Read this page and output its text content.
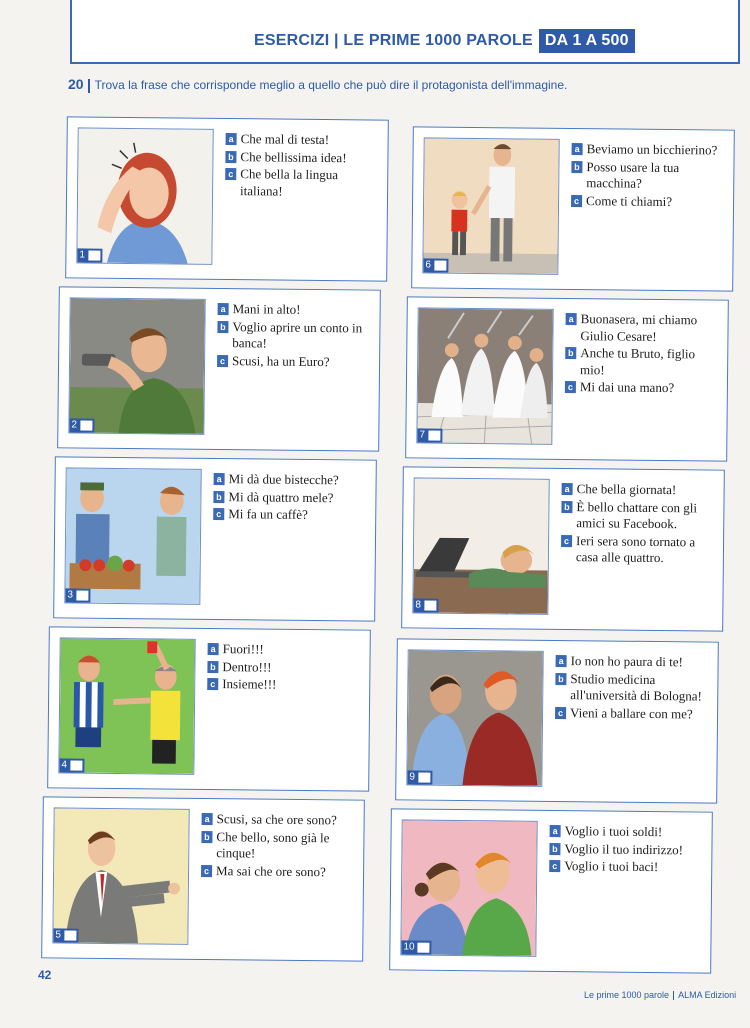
ESERCIZI | LE PRIME 1000 PAROLE DA 1 A 500
20 Trova la frase che corrisponde meglio a quello che può dire il protagonista dell'immagine.
1
a Che mal di testa!
b Che bellissima idea!
c Che bella la lingua italiana!
2
a Mani in alto!
b Voglio aprire un conto in banca!
c Scusi, ha un Euro?
3
a Mi dà due bistecche?
b Mi dà quattro mele?
c Mi fa un caffè?
4
a Fuori!!!
b Dentro!!!
c Insieme!!!
5
a Scusi, sa che ore sono?
b Che bello, sono già le cinque!
c Ma sai che ore sono?
6
a Beviamo un bicchierino?
b Posso usare la tua macchina?
c Come ti chiami?
7
a Buonasera, mi chiamo Giulio Cesare!
b Anche tu Bruto, figlio mio!
c Mi dai una mano?
8
a Che bella giornata!
b È bello chattare con gli amici su Facebook.
c Ieri sera sono tornato a casa alle quattro.
9
a Io non ho paura di te!
b Studio medicina all'università di Bologna!
c Vieni a ballare con me?
10
a Voglio i tuoi soldi!
b Voglio il tuo indirizzo!
c Voglio i tuoi baci!
42
Le prime 1000 parole ALMA Edizioni
